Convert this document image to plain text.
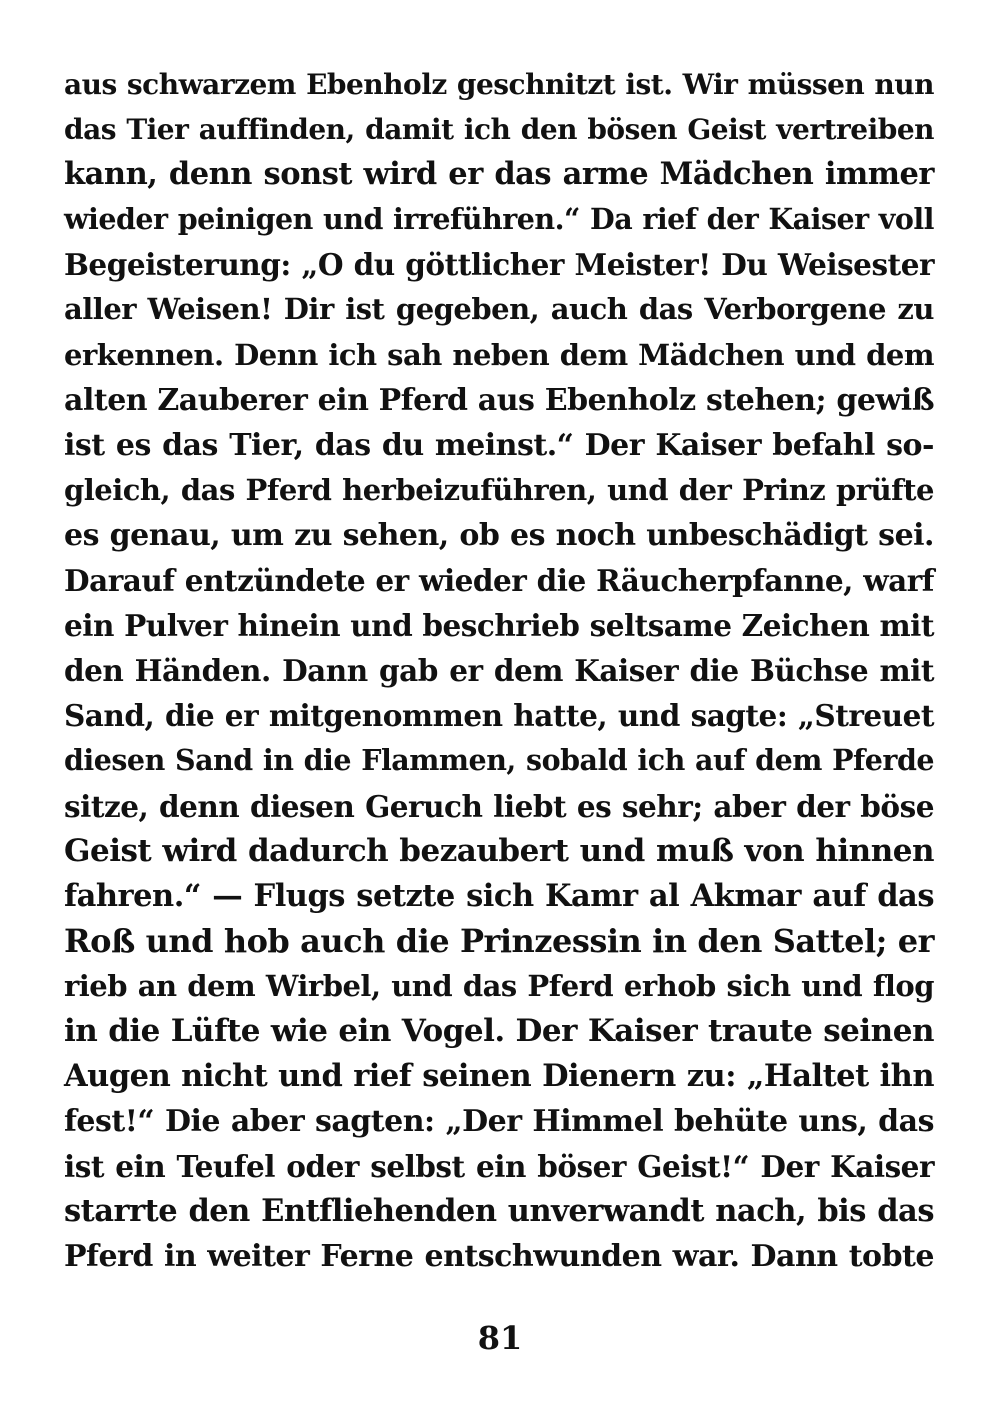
aus schwarzem Ebenholz geschnitzt ist. Wir müssen nun
das Tier auffinden, damit ich den bösen Geist vertreiben
kann, denn sonst wird er das arme Mädchen immer
wieder peinigen und irreführen.“ Da rief der Kaiser voll
Begeisterung: „O du göttlicher Meister! Du Weisester
aller Weisen! Dir ist gegeben, auch das Verborgene zu
erkennen. Denn ich sah neben dem Mädchen und dem
alten Zauberer ein Pferd aus Ebenholz stehen; gewiß
ist es das Tier, das du meinst.“ Der Kaiser befahl so-
gleich, das Pferd herbeizuführen, und der Prinz prüfte
es genau, um zu sehen, ob es noch unbeschädigt sei.
Darauf entzündete er wieder die Räucherpfanne, warf
ein Pulver hinein und beschrieb seltsame Zeichen mit
den Händen. Dann gab er dem Kaiser die Büchse mit
Sand, die er mitgenommen hatte, und sagte: „Streuet
diesen Sand in die Flammen, sobald ich auf dem Pferde
sitze, denn diesen Geruch liebt es sehr; aber der böse
Geist wird dadurch bezaubert und muß von hinnen
fahren.“ — Flugs setzte sich Kamr al Akmar auf das
Roß und hob auch die Prinzessin in den Sattel; er
rieb an dem Wirbel, und das Pferd erhob sich und flog
in die Lüfte wie ein Vogel. Der Kaiser traute seinen
Augen nicht und rief seinen Dienern zu: „Haltet ihn
fest!“ Die aber sagten: „Der Himmel behüte uns, das
ist ein Teufel oder selbst ein böser Geist!“ Der Kaiser
starrte den Entfliehenden unverwandt nach, bis das
Pferd in weiter Ferne entschwunden war. Dann tobte
81
